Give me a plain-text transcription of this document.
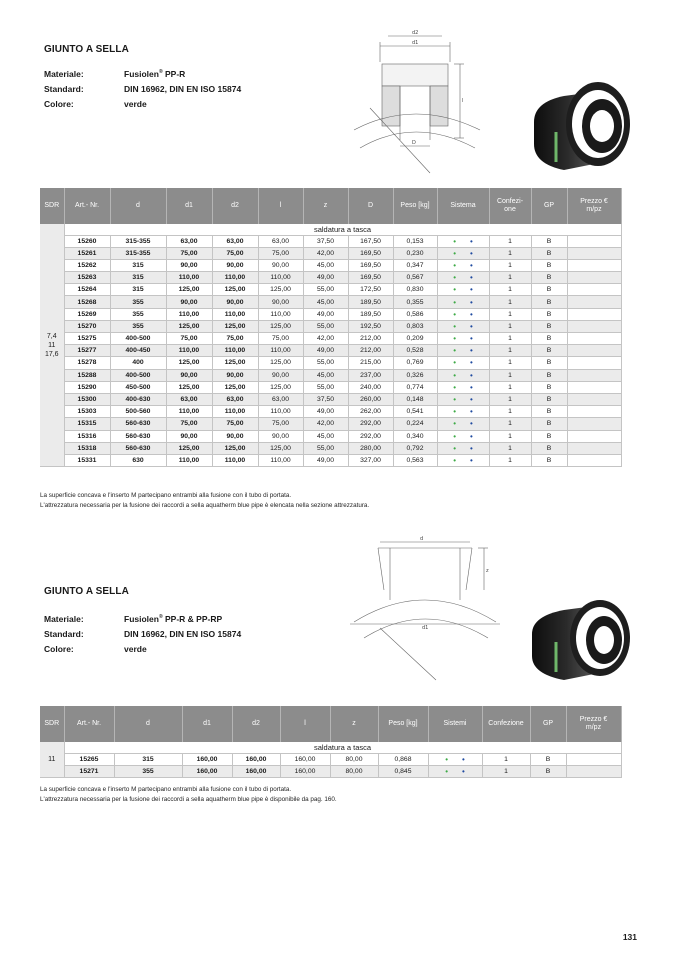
GIUNTO A SELLA
Materiale:	Fusiolen® PP-R
Standard:	DIN 16962, DIN EN ISO 15874
Colore:	verde
d1
d2
l
D
SDR	Art.- Nr.	d	d1	d2	l	z	D	Peso [kg]	Sistema	Confezi-
one	GP	Prezzo €
m/pz
7,4
11
17,6	saldatura a tasca											
	15260	315-355	63,00	63,00	63,00	37,50	167,50	0,153	• •	1	B	
	15261	315-355	75,00	75,00	75,00	42,00	169,50	0,230	• •	1	B	
	15262	315	90,00	90,00	90,00	45,00	169,50	0,347	• •	1	B	
	15263	315	110,00	110,00	110,00	49,00	169,50	0,567	• •	1	B	
	15264	315	125,00	125,00	125,00	55,00	172,50	0,830	• •	1	B	
	15268	355	90,00	90,00	90,00	45,00	189,50	0,355	• •	1	B	
	15269	355	110,00	110,00	110,00	49,00	189,50	0,586	• •	1	B	
	15270	355	125,00	125,00	125,00	55,00	192,50	0,803	• •	1	B	
	15275	400-500	75,00	75,00	75,00	42,00	212,00	0,209	• •	1	B	
	15277	400-450	110,00	110,00	110,00	49,00	212,00	0,528	• •	1	B	
	15278	400	125,00	125,00	125,00	55,00	215,00	0,769	• •	1	B	
	15288	400-500	90,00	90,00	90,00	45,00	237,00	0,326	• •	1	B	
	15290	450-500	125,00	125,00	125,00	55,00	240,00	0,774	• •	1	B	
	15300	400-630	63,00	63,00	63,00	37,50	260,00	0,148	• •	1	B	
	15303	500-560	110,00	110,00	110,00	49,00	262,00	0,541	• •	1	B	
	15315	560-630	75,00	75,00	75,00	42,00	292,00	0,224	• •	1	B	
	15316	560-630	90,00	90,00	90,00	45,00	292,00	0,340	• •	1	B	
	15318	560-630	125,00	125,00	125,00	55,00	280,00	0,792	• •	1	B	
	15331	630	110,00	110,00	110,00	49,00	327,00	0,563	• •	1	B	
La superficie concava e l'inserto M partecipano entrambi alla fusione con il tubo di portata.
L'attrezzatura necessaria per la fusione dei raccordi a sella aquatherm blue pipe è elencata nella sezione attrezzatura.
d
z
d1
GIUNTO A SELLA
Materiale:	Fusiolen® PP-R & PP-RP
Standard:	DIN 16962, DIN EN ISO 15874
Colore:	verde
SDR	Art.- Nr.	d	d1	d2	l	z	Peso [kg]	Sistemi	Confezione	GP	Prezzo €
m/pz
11	saldatura a tasca										
	15265	315	160,00	160,00	160,00	80,00	0,868	• •	1	B	
	15271	355	160,00	160,00	160,00	80,00	0,845	• •	1	B	
La superficie concava e l'inserto M partecipano entrambi alla fusione con il tubo di portata.
L'attrezzatura necessaria per la fusione dei raccordi a sella aquatherm blue pipe è disponibile da pag. 160.
131
